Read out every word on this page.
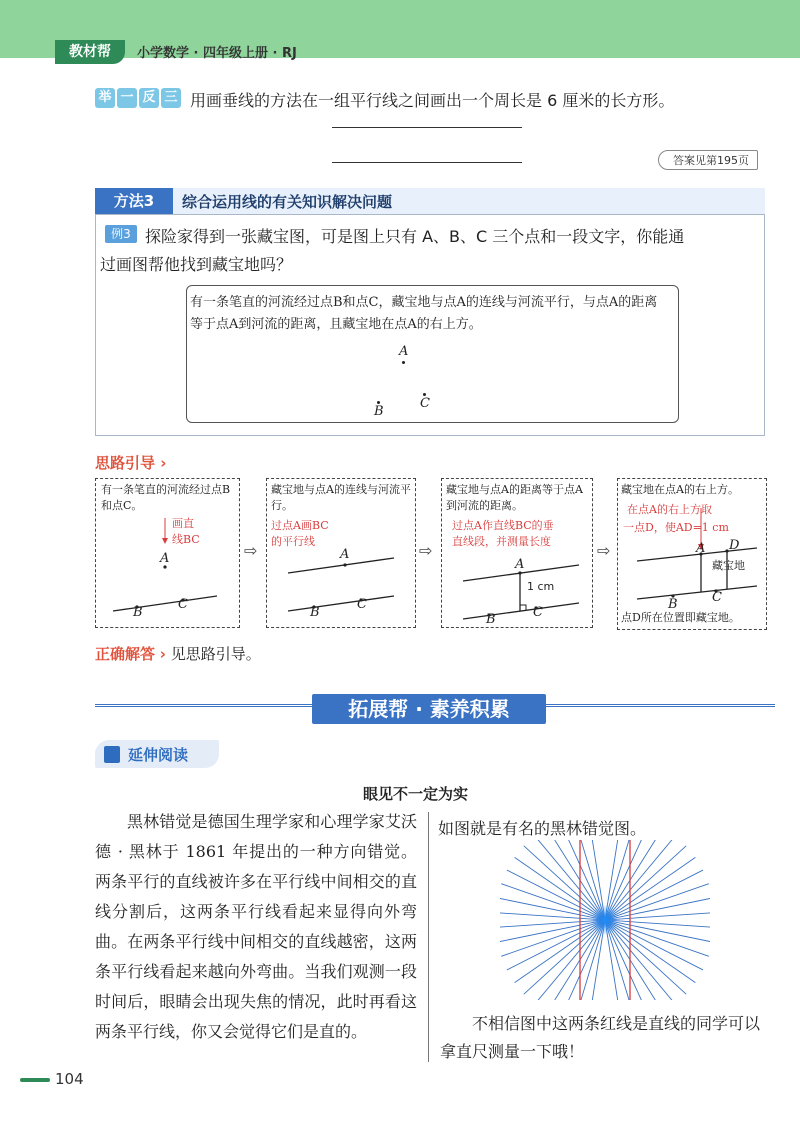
教材帮	小学数学 · 四年级上册 · RJ
举 一 反 三 用画垂线的方法在一组平行线之间画出一个周长是 6 厘米的长方形。
答案见第195页
方法3	综合运用线的有关知识解决问题
例3 探险家得到一张藏宝图，可是图上只有 A、B、C 三个点和一段文字，你能通
过画图帮他找到藏宝地吗？
有一条笔直的河流经过点B和点C，藏宝地与点A的连线与河流平行，与点A的距离等于点A到河流的距离，且藏宝地在点A的右上方。
A
B
C
思路引导 ›
有一条笔直的河流经过点B和点C。
画直
线BC
A
B
C
⇨
藏宝地与点A的连线与河流平行。
过点A画BC
的平行线
A
B
C
⇨
藏宝地与点A的距离等于点A到河流的距离。
过点A作直线BC的垂
直线段，并测量长度
A
1 cm
B	C
⇨
藏宝地在点A的右上方。
在点A的右上方取
一点D，使AD=1 cm
A D
藏宝地
B	C
点D所在位置即藏宝地。
正确解答 › 见思路引导。
拓展帮 · 素养积累
延伸阅读
眼见不一定为实
黑林错觉是德国生理学家和心理学家艾沃德 · 黑林于 1861 年提出的一种方向错觉。两条平行的直线被许多在平行线中间相交的直线分割后，这两条平行线看起来显得向外弯曲。在两条平行线中间相交的直线越密，这两条平行线看起来越向外弯曲。当我们观测一段时间后，眼睛会出现失焦的情况，此时再看这两条平行线，你又会觉得它们是直的。
如图就是有名的黑林错觉图。
不相信图中这两条红线是直线的同学可以拿直尺测量一下哦！
104
